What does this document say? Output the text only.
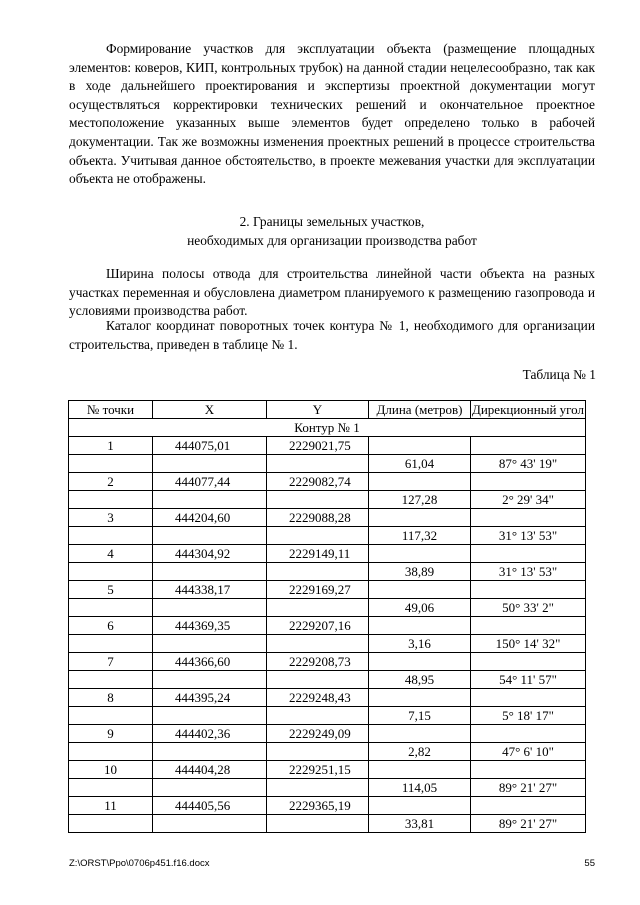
Формирование участков для эксплуатации объекта (размещение площадных элементов: коверов, КИП, контрольных трубок) на данной стадии нецелесообразно, так как в ходе дальнейшего проектирования и экспертизы проектной документации могут осуществляться корректировки технических решений и окончательное проектное местоположение указанных выше элементов будет определено только в рабочей документации. Так же возможны изменения проектных решений в процессе строительства объекта. Учитывая данное обстоятельство, в проекте межевания участки для эксплуатации объекта не отображены.

2. Границы земельных участков,
необходимых для организации производства работ

Ширина полосы отвода для строительства линейной части объекта на разных участках переменная и обусловлена диаметром планируемого к размещению газопровода и условиями производства работ.

Каталог координат поворотных точек контура № 1, необходимого для организации строительства, приведен в таблице № 1.

Таблица № 1
№ точки	X	Y	Длина (метров)	Дирекционный угол
Контур № 1				
1	444075,01	2229021,75		
			61,04	87° 43' 19"
2	444077,44	2229082,74		
			127,28	2° 29' 34"
3	444204,60	2229088,28		
			117,32	31° 13' 53"
4	444304,92	2229149,11		
			38,89	31° 13' 53"
5	444338,17	2229169,27		
			49,06	50° 33' 2"
6	444369,35	2229207,16		
			3,16	150° 14' 32"
7	444366,60	2229208,73		
			48,95	54° 11' 57"
8	444395,24	2229248,43		
			7,15	5° 18' 17"
9	444402,36	2229249,09		
			2,82	47° 6' 10"
10	444404,28	2229251,15		
			114,05	89° 21' 27"
11	444405,56	2229365,19		
			33,81	89° 21' 27"
Z:\ORST\Ppo\0706p451.f16.docx	55
